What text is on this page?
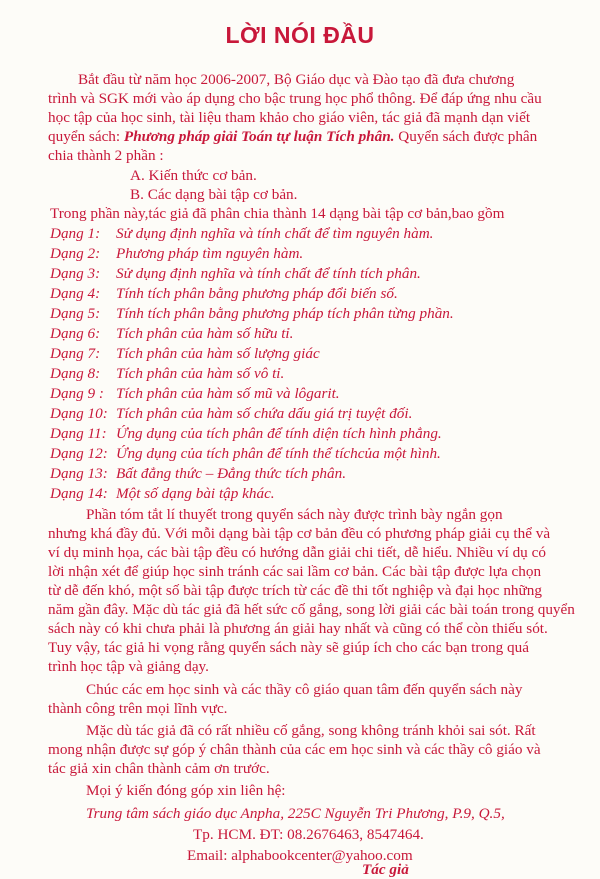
LỜI NÓI ĐẦU
Bắt đầu từ năm học 2006-2007, Bộ Giáo dục và Đào tạo đã đưa chương
trình và SGK mới vào áp dụng cho bậc trung học phổ thông. Để đáp ứng nhu cầu
học tập của học sinh, tài liệu tham khảo cho giáo viên, tác giả đã mạnh dạn viết
quyển sách: Phương pháp giải Toán tự luận Tích phân. Quyển sách được phân
chia thành 2 phần :
A. Kiến thức cơ bản.
B. Các dạng bài tập cơ bản.
Trong phần này,tác giả đã phân chia thành 14 dạng bài tập cơ bản,bao gồm
Dạng 1: Sử dụng định nghĩa và tính chất để tìm nguyên hàm.
Dạng 2: Phương pháp tìm nguyên hàm.
Dạng 3: Sử dụng định nghĩa và tính chất để tính tích phân.
Dạng 4: Tính tích phân bằng phương pháp đổi biến số.
Dạng 5: Tính tích phân bằng phương pháp tích phân từng phần.
Dạng 6: Tích phân của hàm số hữu tỉ.
Dạng 7: Tích phân của hàm số lượng giác
Dạng 8: Tích phân của hàm số vô tỉ.
Dạng 9 : Tích phân của hàm số mũ và lôgarit.
Dạng 10: Tích phân của hàm số chứa dấu giá trị tuyệt đối.
Dạng 11: Ứng dụng của tích phân để tính diện tích hình phẳng.
Dạng 12: Ứng dụng của tích phân để tính thể tíchcủa một hình.
Dạng 13: Bất đẳng thức – Đẳng thức tích phân.
Dạng 14: Một số dạng bài tập khác.
Phần tóm tắt lí thuyết trong quyển sách này được trình bày ngắn gọn
nhưng khá đầy đủ. Với mỗi dạng bài tập cơ bản đều có phương pháp giải cụ thể và
ví dụ minh họa, các bài tập đều có hướng dẫn giải chi tiết, dễ hiểu. Nhiều ví dụ có
lời nhận xét để giúp học sinh tránh các sai lầm cơ bản. Các bài tập được lựa chọn
từ dễ đến khó, một số bài tập được trích từ các đề thi tốt nghiệp và đại học những
năm gần đây. Mặc dù tác giả đã hết sức cố gắng, song lời giải các bài toán trong quyển
sách này có khi chưa phải là phương án giải hay nhất và cũng có thể còn thiếu sót.
Tuy vậy, tác giả hi vọng rằng quyển sách này sẽ giúp ích cho các bạn trong quá
trình học tập và giảng dạy.
Chúc các em học sinh và các thầy cô giáo quan tâm đến quyển sách này
thành công trên mọi lĩnh vực.
Mặc dù tác giả đã có rất nhiều cố gắng, song không tránh khỏi sai sót. Rất
mong nhận được sự góp ý chân thành của các em học sinh và các thầy cô giáo và
tác giả xin chân thành cảm ơn trước.
Mọi ý kiến đóng góp xin liên hệ:
Trung tâm sách giáo dục Anpha, 225C Nguyễn Tri Phương, P.9, Q.5,
Tp. HCM. ĐT: 08.2676463, 8547464.
Email: alphabookcenter@yahoo.com
Tác giả
